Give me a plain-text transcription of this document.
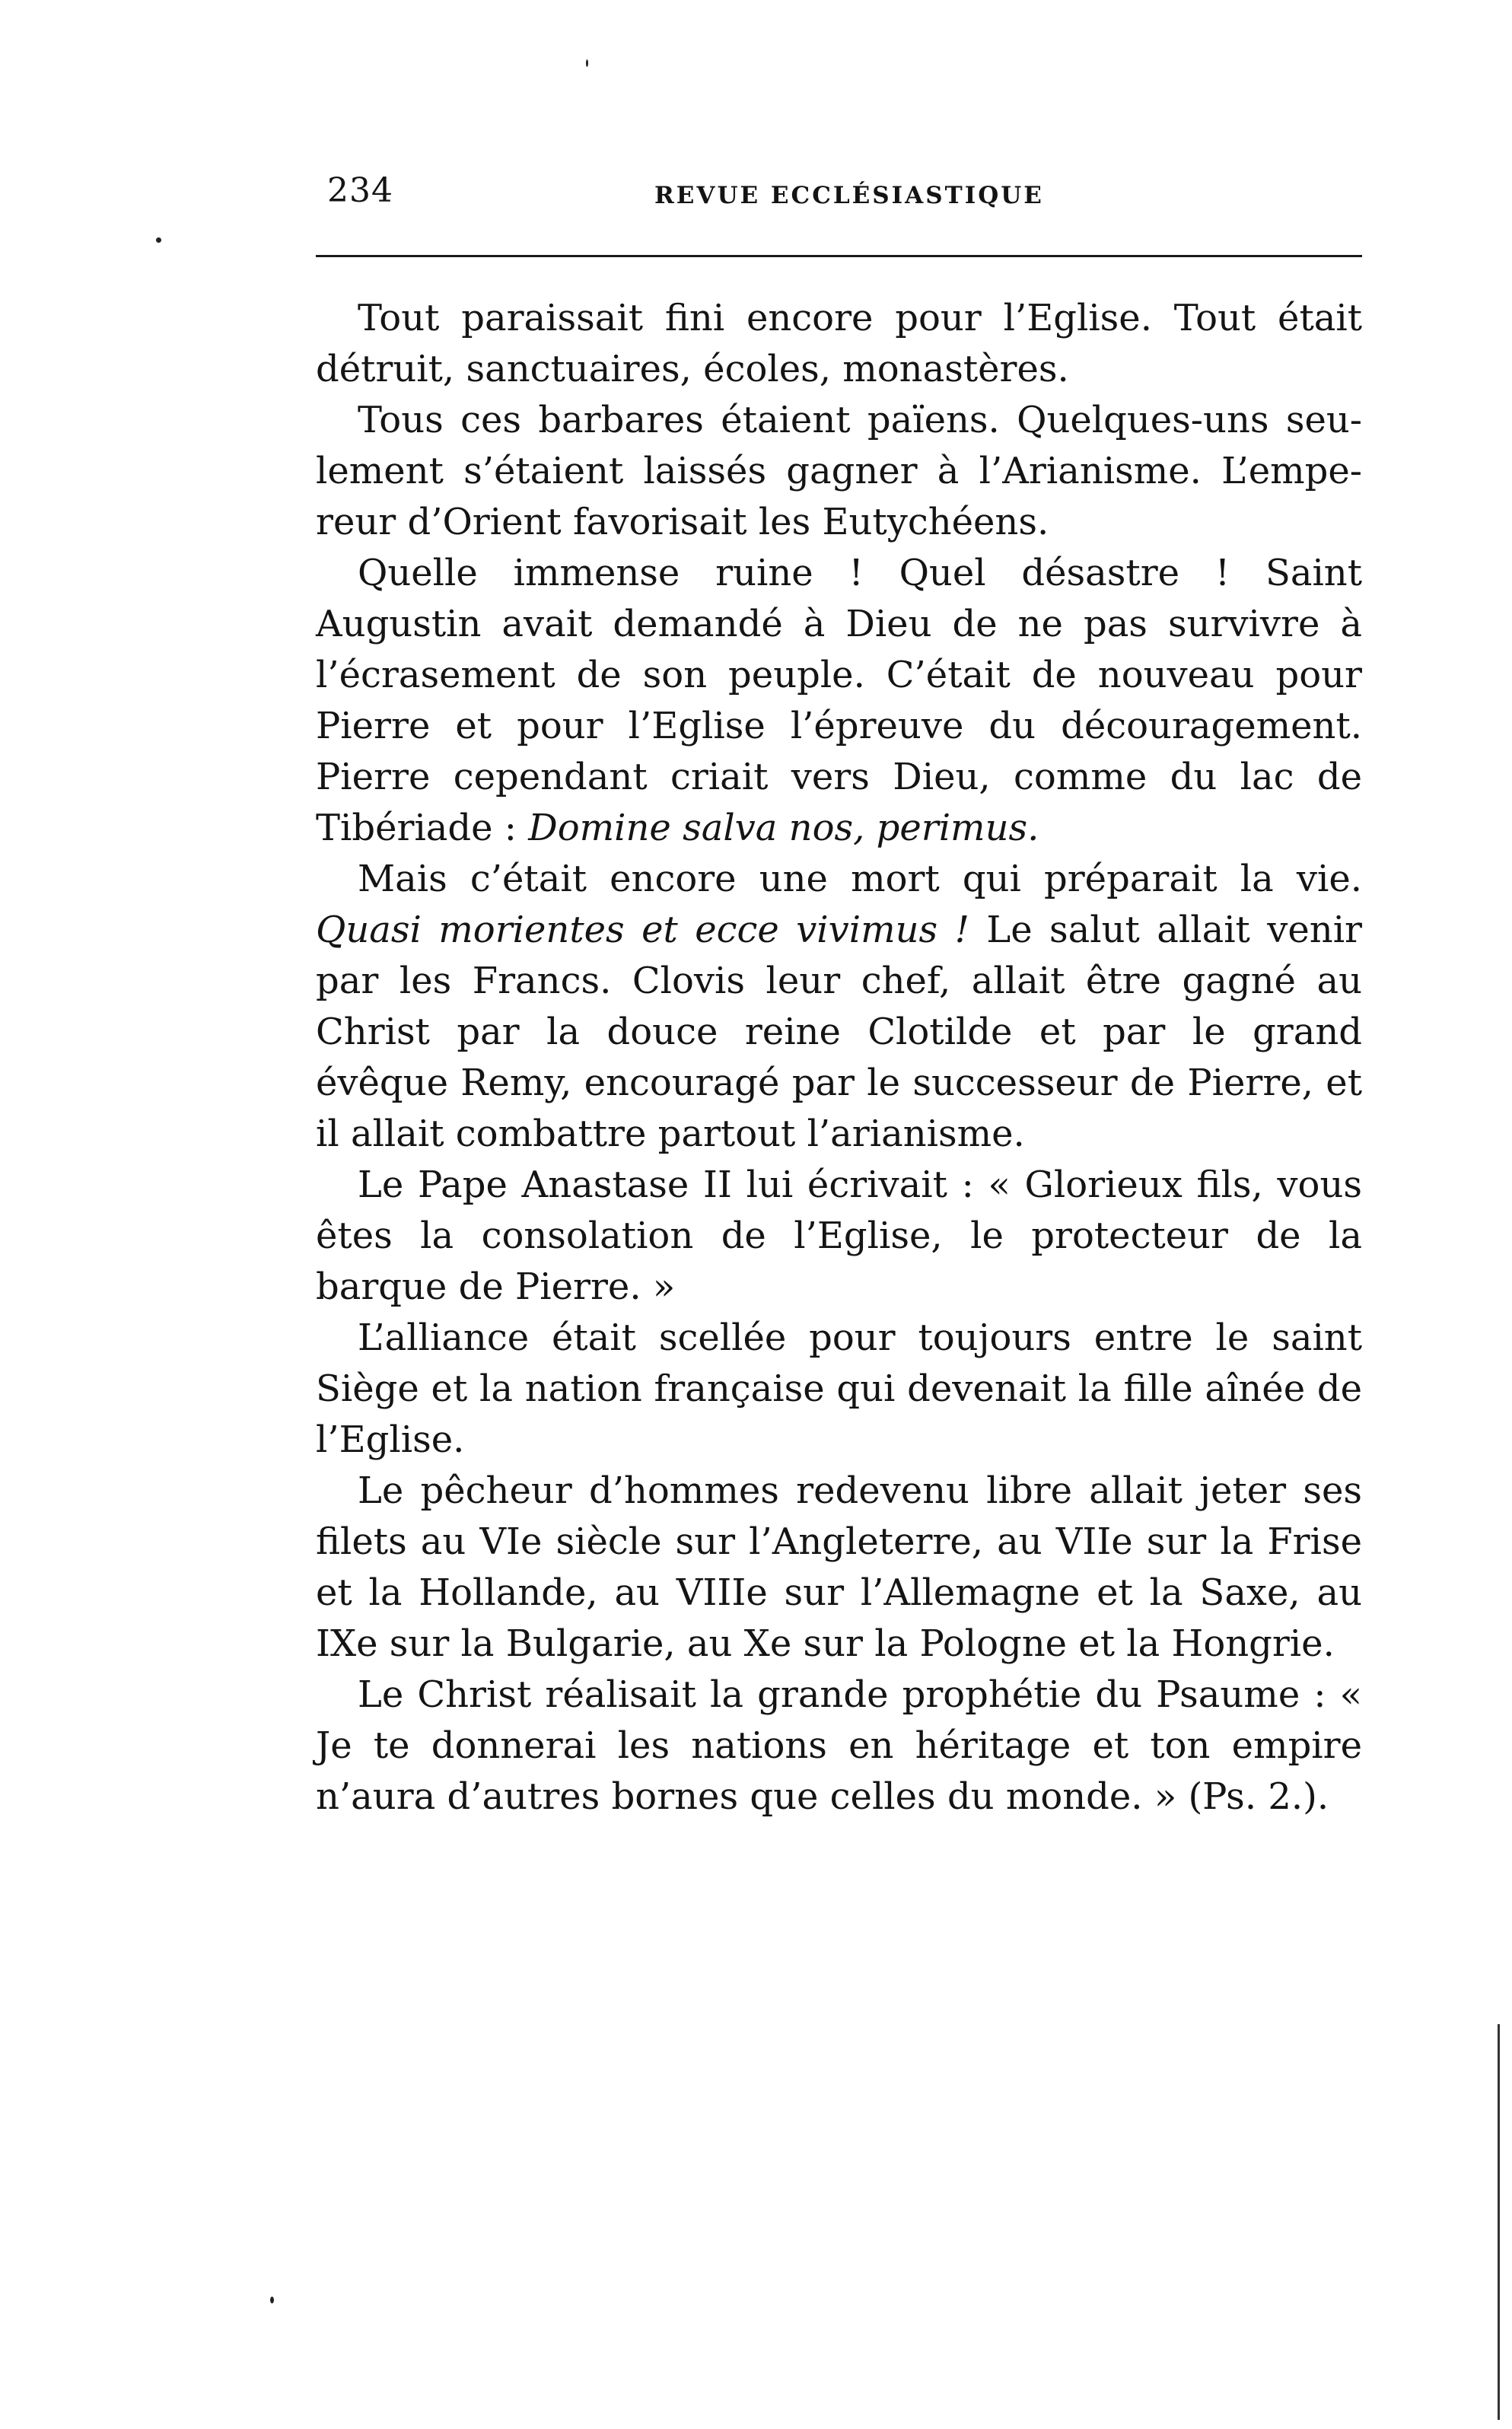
234	REVUE ECCLÉSIASTIQUE

Tout paraissait fini encore pour l’Eglise. Tout était détruit, sanctuaires, écoles, monastères.

Tous ces barbares étaient païens. Quelques-uns seu-lement s’étaient laissés gagner à l’Arianisme. L’empe-reur d’Orient favorisait les Eutychéens.

Quelle immense ruine ! Quel désastre ! Saint Augustin avait demandé à Dieu de ne pas survivre à l’écrasement de son peuple. C’était de nouveau pour Pierre et pour l’Eglise l’épreuve du découragement. Pierre cependant criait vers Dieu, comme du lac de Tibériade : Domine salva nos, perimus.

Mais c’était encore une mort qui préparait la vie. Quasi morientes et ecce vivimus ! Le salut allait venir par les Francs. Clovis leur chef, allait être gagné au Christ par la douce reine Clotilde et par le grand évêque Remy, encouragé par le successeur de Pierre, et il allait combattre partout l’arianisme.

Le Pape Anastase II lui écrivait : « Glorieux fils, vous êtes la consolation de l’Eglise, le protecteur de la barque de Pierre. »

L’alliance était scellée pour toujours entre le saint Siège et la nation française qui devenait la fille aînée de l’Eglise.

Le pêcheur d’hommes redevenu libre allait jeter ses filets au VIe siècle sur l’Angleterre, au VIIe sur la Frise et la Hollande, au VIIIe sur l’Allemagne et la Saxe, au IXe sur la Bulgarie, au Xe sur la Pologne et la Hongrie.

Le Christ réalisait la grande prophétie du Psaume : « Je te donnerai les nations en héritage et ton empire n’aura d’autres bornes que celles du monde. » (Ps. 2.).
